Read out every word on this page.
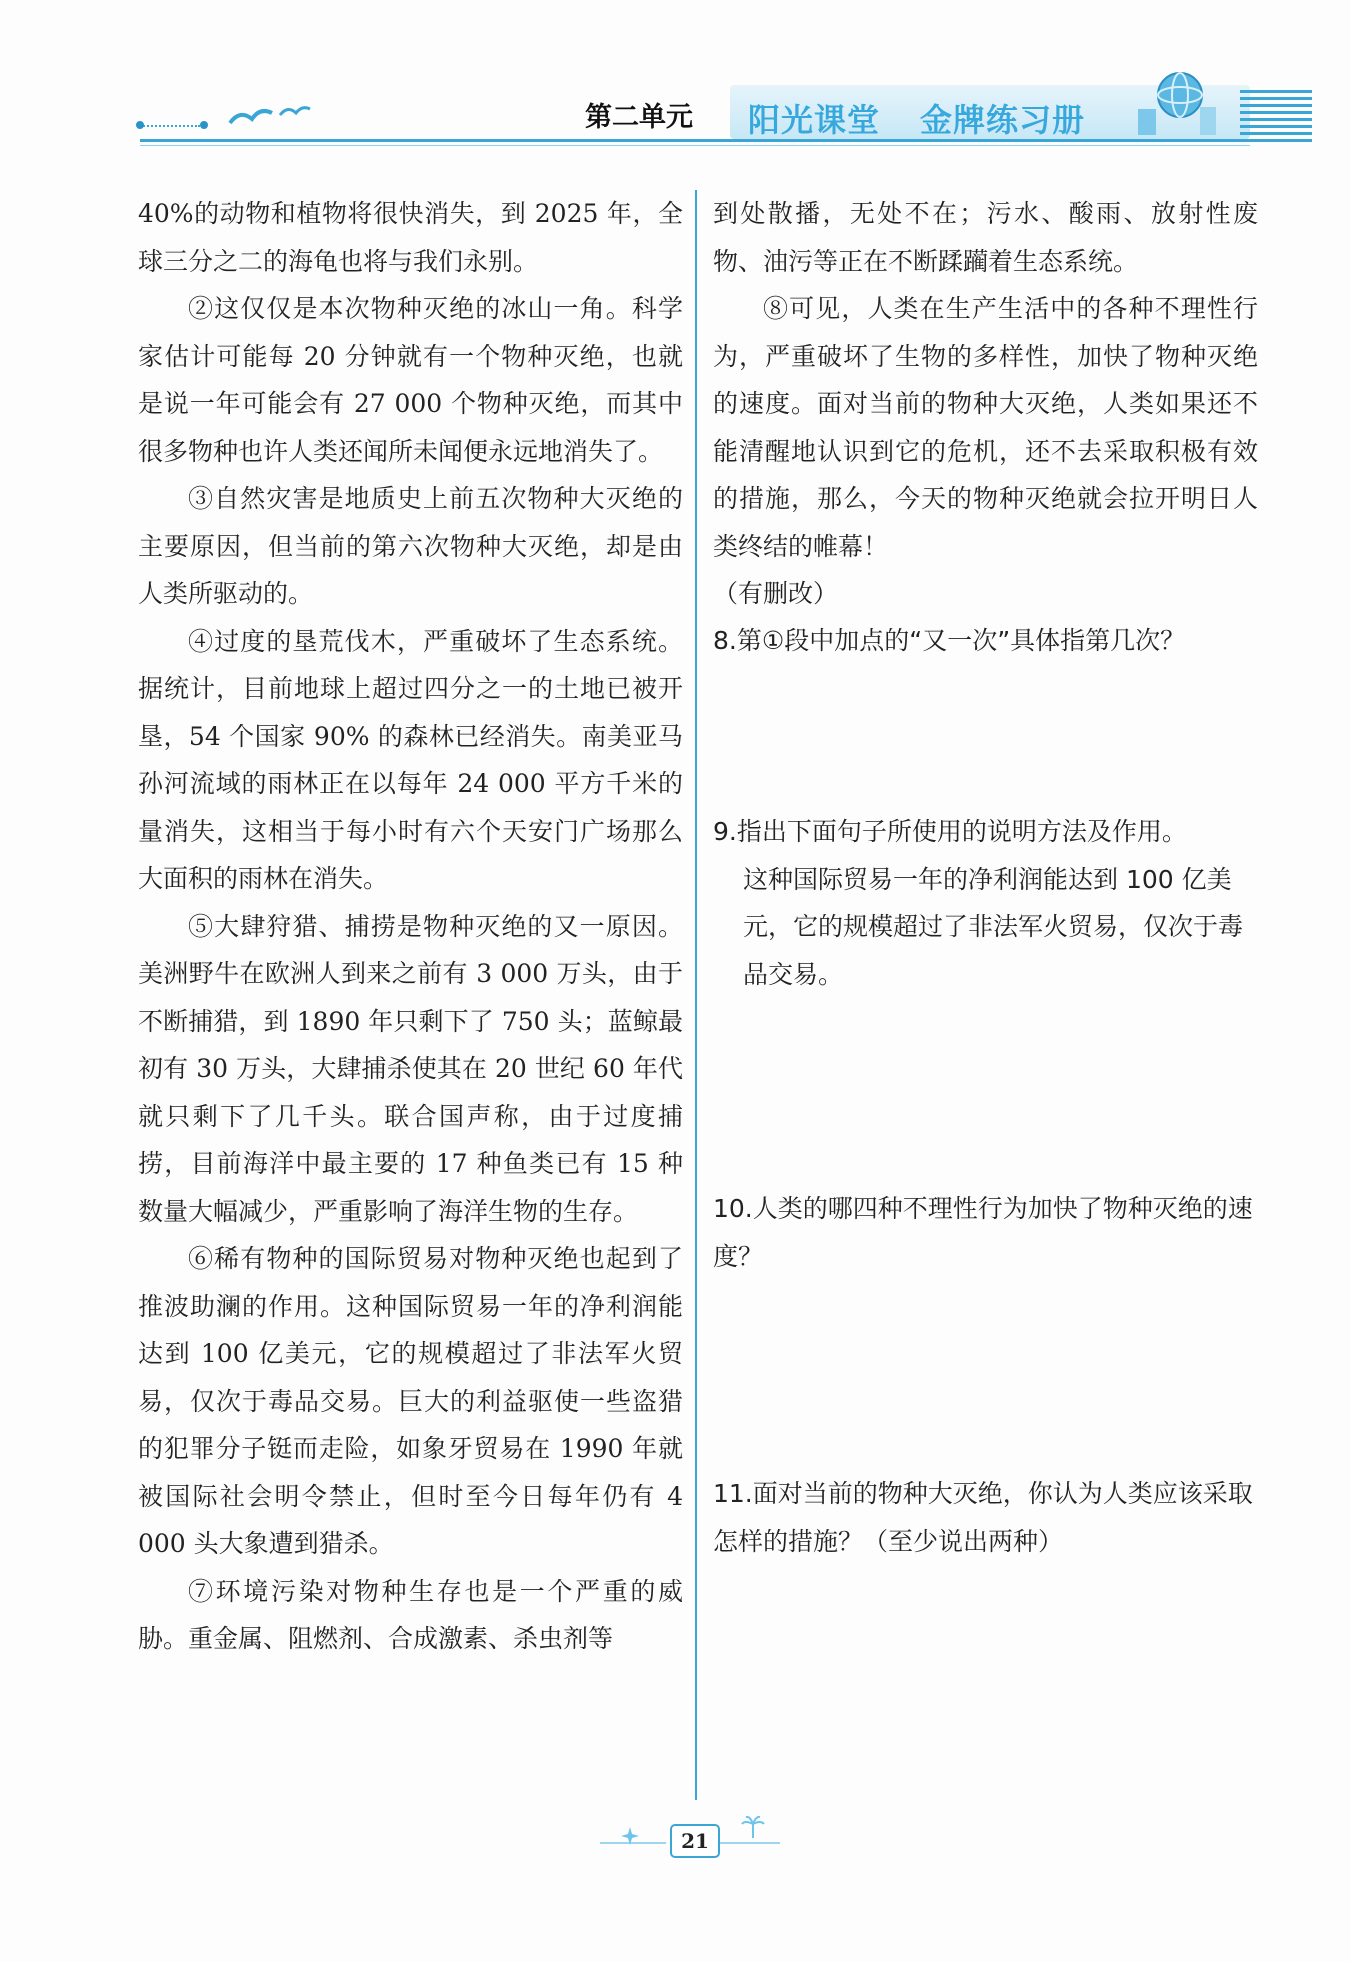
第二单元 阳光课堂 金牌练习册

40%的动物和植物将很快消失，到 2025 年，全球三分之二的海龟也将与我们永别。

②这仅仅是本次物种灭绝的冰山一角。科学家估计可能每 20 分钟就有一个物种灭绝，也就是说一年可能会有 27 000 个物种灭绝，而其中很多物种也许人类还闻所未闻便永远地消失了。

③自然灾害是地质史上前五次物种大灭绝的主要原因，但当前的第六次物种大灭绝，却是由人类所驱动的。

④过度的垦荒伐木，严重破坏了生态系统。据统计，目前地球上超过四分之一的土地已被开垦，54 个国家 90% 的森林已经消失。南美亚马孙河流域的雨林正在以每年 24 000 平方千米的量消失，这相当于每小时有六个天安门广场那么大面积的雨林在消失。

⑤大肆狩猎、捕捞是物种灭绝的又一原因。美洲野牛在欧洲人到来之前有 3 000 万头，由于不断捕猎，到 1890 年只剩下了 750 头；蓝鲸最初有 30 万头，大肆捕杀使其在 20 世纪 60 年代就只剩下了几千头。联合国声称，由于过度捕捞，目前海洋中最主要的 17 种鱼类已有 15 种数量大幅减少，严重影响了海洋生物的生存。

⑥稀有物种的国际贸易对物种灭绝也起到了推波助澜的作用。这种国际贸易一年的净利润能达到 100 亿美元，它的规模超过了非法军火贸易，仅次于毒品交易。巨大的利益驱使一些盗猎的犯罪分子铤而走险，如象牙贸易在 1990 年就被国际社会明令禁止，但时至今日每年仍有 4 000 头大象遭到猎杀。

⑦环境污染对物种生存也是一个严重的威胁。重金属、阻燃剂、合成激素、杀虫剂等

到处散播，无处不在；污水、酸雨、放射性废物、油污等正在不断蹂躏着生态系统。

⑧可见，人类在生产生活中的各种不理性行为，严重破坏了生物的多样性，加快了物种灭绝的速度。面对当前的物种大灭绝，人类如果还不能清醒地认识到它的危机，还不去采取积极有效的措施，那么，今天的物种灭绝就会拉开明日人类终结的帷幕！

（有删改）

8.第①段中加点的“又一次”具体指第几次？
9.指出下面句子所使用的说明方法及作用。
这种国际贸易一年的净利润能达到 100 亿美元，它的规模超过了非法军火贸易，仅次于毒品交易。
10.人类的哪四种不理性行为加快了物种灭绝的速度？
11.面对当前的物种大灭绝，你认为人类应该采取怎样的措施？（至少说出两种）
21
